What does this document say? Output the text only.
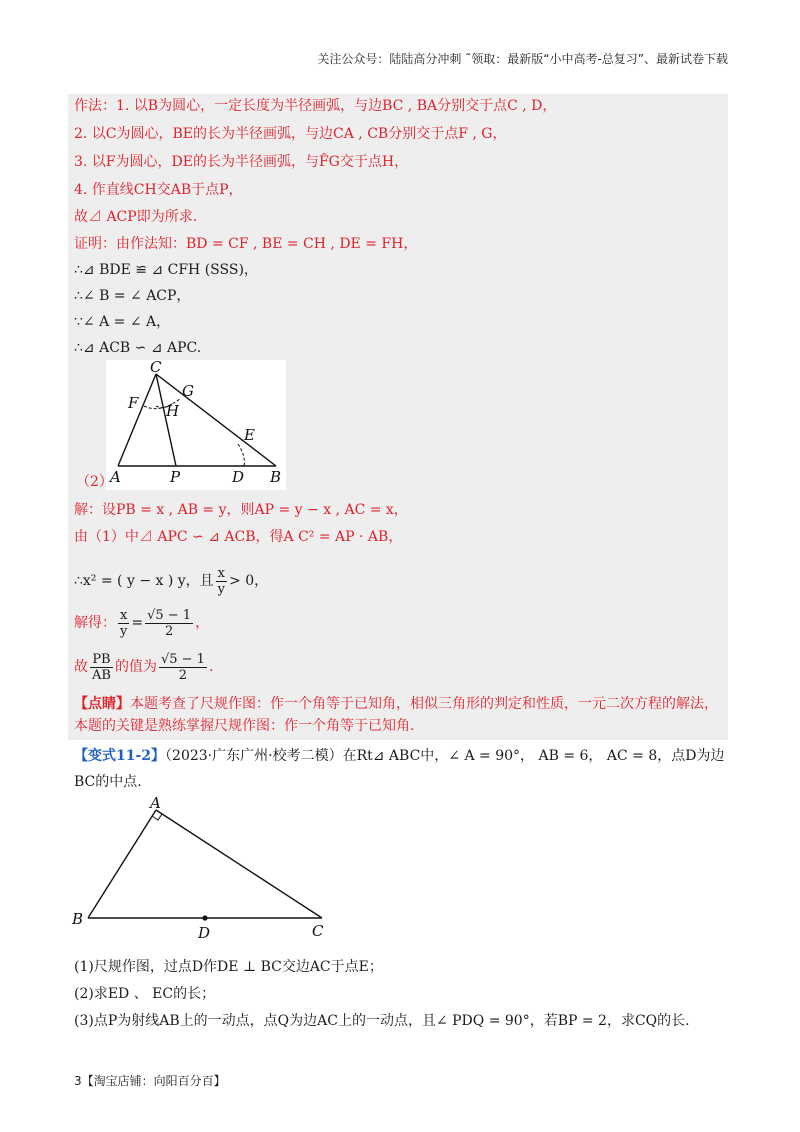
关注公众号：陆陆高分冲刺 ˜领取：最新版“小中高考-总复习”、最新试卷下载
作法：1. 以B为圆心，一定长度为半径画弧，与边BC , BA分别交于点C , D，
2. 以C为圆心，BE的长为半径画弧，与边CA , CB分别交于点F , G，
3. 以F为圆心，DE的长为半径画弧，与F̂G交于点H，
4. 作直线CH交AB于点P，
故⊿ ACP即为所求.
证明：由作法知：BD = CF , BE = CH , DE = FH，
∴⊿ BDE ≌ ⊿ CFH (SSS)，
∴∠ B = ∠ ACP，
∵∠ A = ∠ A，
∴⊿ ACB ∽ ⊿ APC.
C
G
F H
E
A	P	D B
（2）
解：设PB = x , AB = y，则AP = y − x , AC = x，
由（1）中⊿ APC ∽ ⊿ ACB，得A C² = AP · AB，
∴x² = ( y − x ) y，且 $\frac{x}{y} > 0$，
解得： $\frac{x}{y} = \frac{√5 - 1}{2}$ ，
故 $\frac{PB}{AB}$ 的值为 $\frac{√5 - 1}{2}$ .
【点睛】本题考查了尺规作图：作一个角等于已知角，相似三角形的判定和性质，一元二次方程的解法，
本题的关键是熟练掌握尺规作图：作一个角等于已知角.
【变式11-2】（2023·广东广州·校考二模）在Rt⊿ ABC中，∠ A = 90°， AB = 6， AC = 8，点D为边
BC的中点.
A
B
C
D
(1)尺规作图，过点D作DE ⊥ BC交边AC于点E；
(2)求ED 、 EC的长；
(3)点P为射线AB上的一动点，点Q为边AC上的一动点，且∠ PDQ = 90°，若BP = 2，求CQ的长.
3【淘宝店铺：向阳百分百】
